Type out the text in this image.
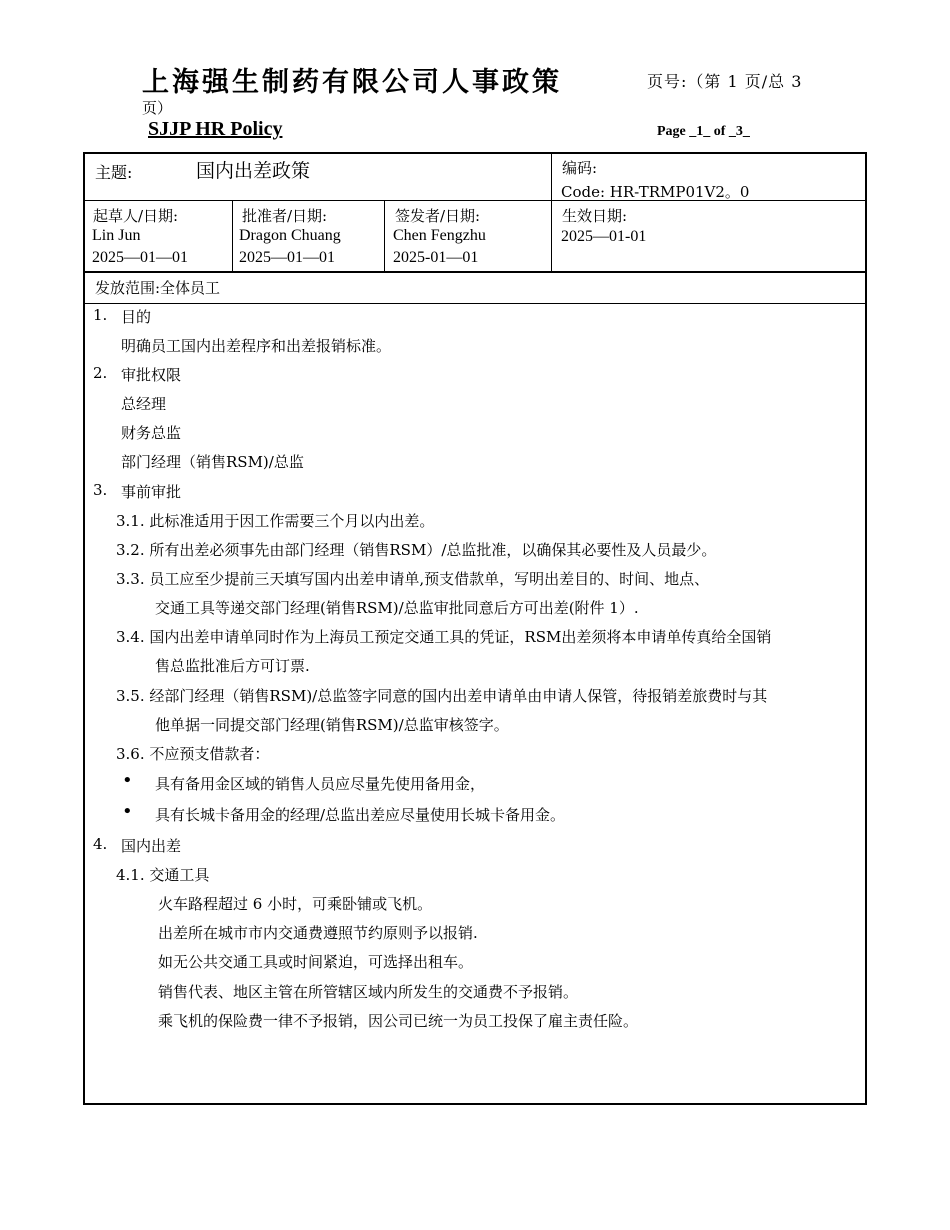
上海强生制药有限公司人事政策	页号:（第 1 页/总 3
页）
SJJP HR Policy	Page _1_ of _3_
主题:	国内出差政策	编码:
Code: HR-TRMP01V2。0
起草人/日期:
Lin Jun
2025—01—01
批准者/日期:
Dragon Chuang
2025—01—01
签发者/日期:
Chen Fengzhu
2025-01—01
生效日期:
2025—01-01
发放范围:全体员工
1. 目的
明确员工国内出差程序和出差报销标准。
2. 审批权限
总经理
财务总监
部门经理（销售RSM)/总监
3. 事前审批
3.1. 此标准适用于因工作需要三个月以内出差。
3.2. 所有出差必须事先由部门经理（销售RSM）/总监批准，以确保其必要性及人员最少。
3.3. 员工应至少提前三天填写国内出差申请单,预支借款单，写明出差目的、时间、地点、
交通工具等递交部门经理(销售RSM)/总监审批同意后方可出差(附件 1）.
3.4. 国内出差申请单同时作为上海员工预定交通工具的凭证，RSM出差须将本申请单传真给全国销
售总监批准后方可订票.
3.5. 经部门经理（销售RSM)/总监签字同意的国内出差申请单由申请人保管，待报销差旅费时与其
他单据一同提交部门经理(销售RSM)/总监审核签字。
3.6. 不应预支借款者：
• 具有备用金区域的销售人员应尽量先使用备用金，
• 具有长城卡备用金的经理/总监出差应尽量使用长城卡备用金。
4. 国内出差
4.1. 交通工具
火车路程超过 6 小时，可乘卧铺或飞机。
出差所在城市市内交通费遵照节约原则予以报销.
如无公共交通工具或时间紧迫，可选择出租车。
销售代表、地区主管在所管辖区域内所发生的交通费不予报销。
乘飞机的保险费一律不予报销，因公司已统一为员工投保了雇主责任险。
